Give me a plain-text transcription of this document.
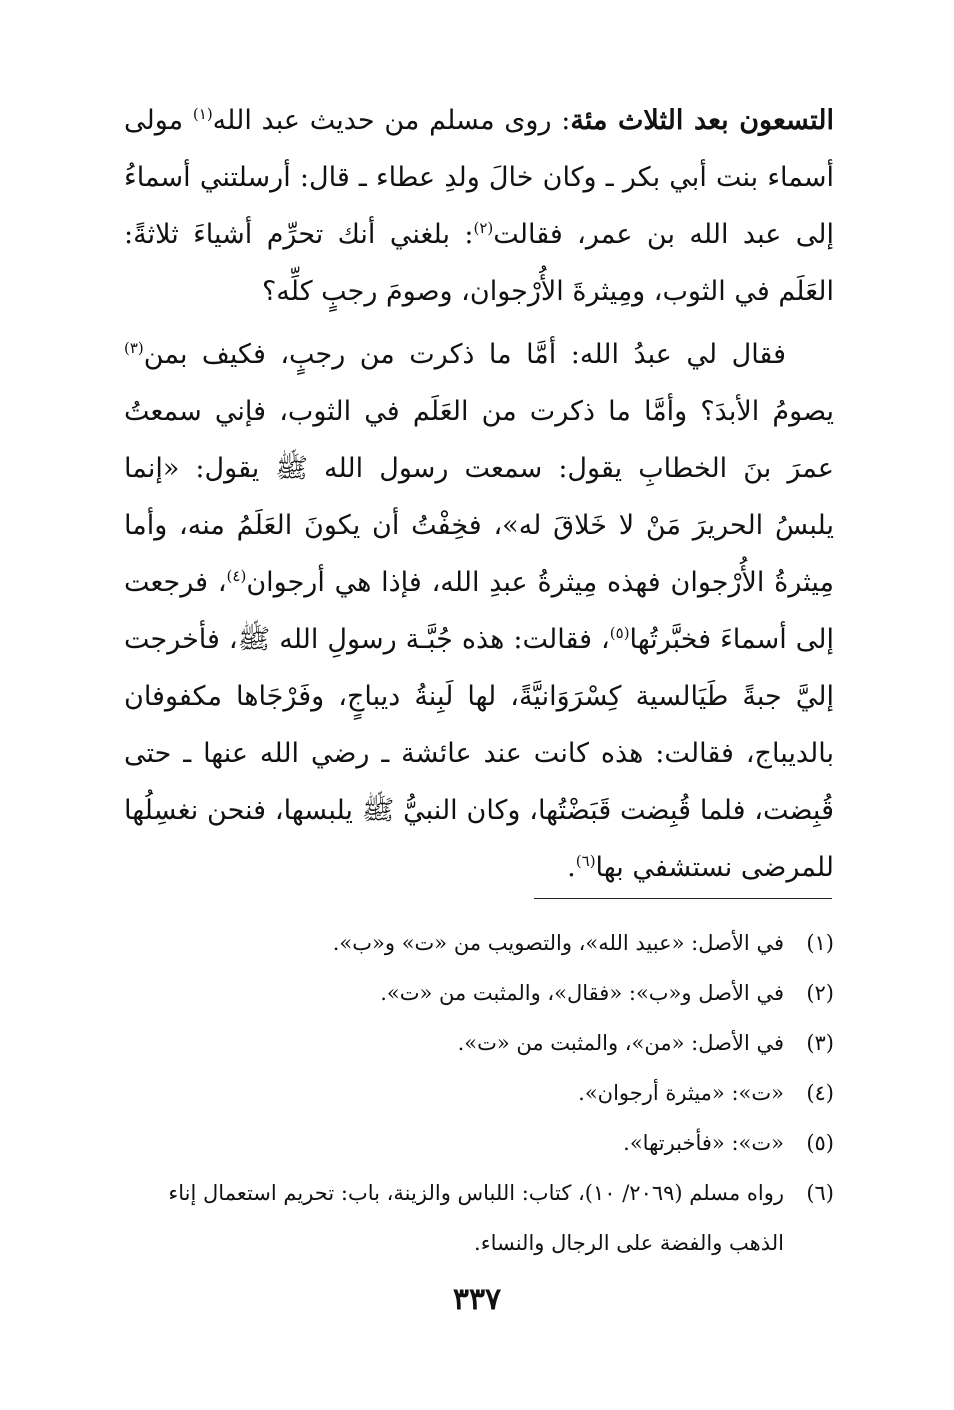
التسعون بعد الثلاث مئة: روى مسلم من حديث عبد الله$^{(١)}$ مولى أسماء بنت أبي بكر ـ وكان خالَ ولدِ عطاء ـ قال: أرسلتني أسماءُ إلى عبد الله بن عمر، فقالت$^{(٢)}$: بلغني أنك تحرِّم أشياءَ ثلاثةً: العَلَم في الثوب، ومِيثرةَ الأُرْجوان، وصومَ رجبٍ كلِّه؟

فقال لي عبدُ الله: أمَّا ما ذكرت من رجبٍ، فكيف بمن$^{(٣)}$ يصومُ الأبدَ؟ وأمَّا ما ذكرت من العَلَم في الثوب، فإني سمعتُ عمرَ بنَ الخطابِ يقول: سمعت رسول الله ﷺ يقول: «إنما يلبسُ الحريرَ مَنْ لا خَلاقَ له»، فخِفْتُ أن يكونَ العَلَمُ منه، وأما مِيثرةُ الأُرْجوان فهذه مِيثرةُ عبدِ الله، فإذا هي أرجوان$^{(٤)}$، فرجعت إلى أسماءَ فخبَّرتُها$^{(٥)}$، فقالت: هذه جُبَّـة رسولِ الله ﷺ، فأخرجت إليَّ جبةً طَيَالسية كِسْرَوَانيَّةً، لها لَبِنةُ ديباجٍ، وفَرْجَاها مكفوفان بالديباج، فقالت: هذه كانت عند عائشة ـ رضي الله عنها ـ حتى قُبِضت، فلما قُبِضت قَبَضْتُها، وكان النبيُّ ﷺ يلبسها، فنحن نغسِلُها للمرضى نستشفي بها$^{(٦)}$.

(١)
في الأصل: «عبيد الله»، والتصويب من «ت» و«ب».
(٢)
في الأصل و«ب»: «فقال»، والمثبت من «ت».
(٣)
في الأصل: «من»، والمثبت من «ت».
(٤)
«ت»: «ميثرة أرجوان».
(٥)
«ت»: «فأخبرتها».
(٦)
رواه مسلم (٢٠٦٩/ ١٠)، كتاب: اللباس والزينة، باب: تحريم استعمال إناء الذهب والفضة على الرجال والنساء.
٣٣٧
